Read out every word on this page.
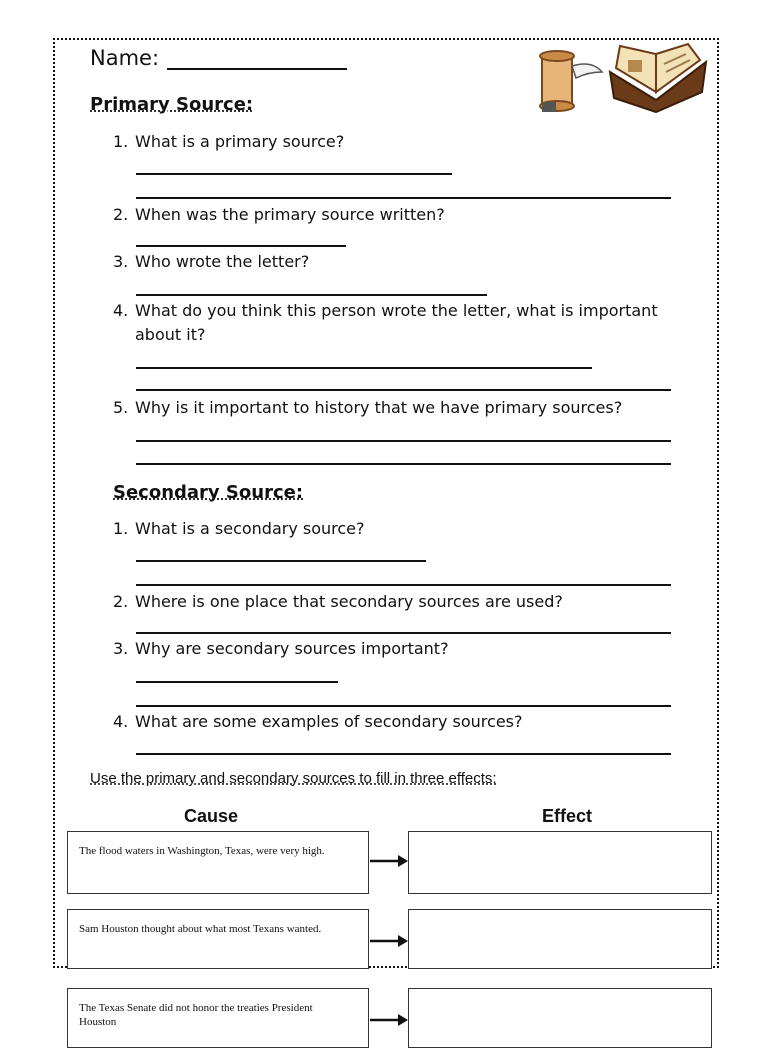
Name:
Primary Source:
1. What is a primary source?
2. When was the primary source written?
3. Who wrote the letter?
4. What do you think this person wrote the letter, what is important about it?
5. Why is it important to history that we have primary sources?
Secondary Source:
1. What is a secondary source?
2. Where is one place that secondary sources are used?
3. Why are secondary sources important?
4. What are some examples of secondary sources?
Use the primary and secondary sources to fill in three effects:
Cause	Effect
The flood waters in Washington, Texas, were very high.
Sam Houston thought about what most Texans wanted.
The Texas Senate did not honor the treaties President Houston
